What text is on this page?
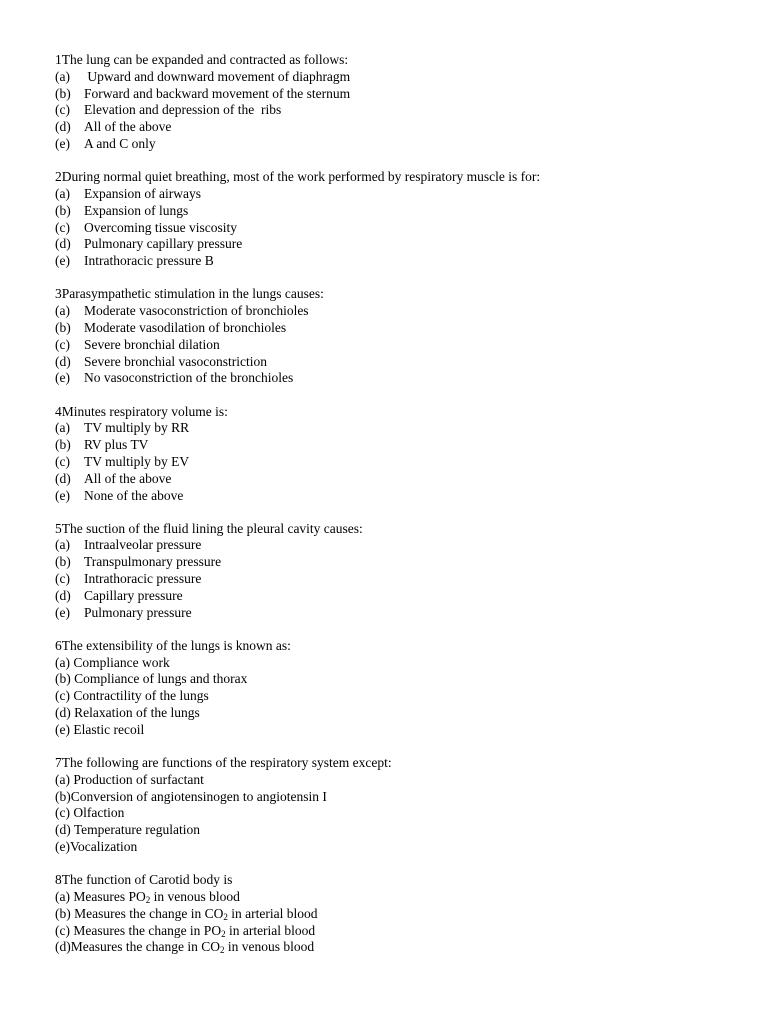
1The lung can be expanded and contracted as follows:
(a) Upward and downward movement of diaphragm
(b) Forward and backward movement of the sternum
(c) Elevation and depression of the  ribs
(d) All of the above
(e) A and C only
2During normal quiet breathing, most of the work performed by respiratory muscle is for:
(a) Expansion of airways
(b) Expansion of lungs
(c) Overcoming tissue viscosity
(d) Pulmonary capillary pressure
(e) Intrathoracic pressure B
3Parasympathetic stimulation in the lungs causes:
(a) Moderate vasoconstriction of bronchioles
(b) Moderate vasodilation of bronchioles
(c) Severe bronchial dilation
(d) Severe bronchial vasoconstriction
(e) No vasoconstriction of the bronchioles
4Minutes respiratory volume is:
(a) TV multiply by RR
(b) RV plus TV
(c) TV multiply by EV
(d) All of the above
(e) None of the above
5The suction of the fluid lining the pleural cavity causes:
(a) Intraalveolar pressure
(b) Transpulmonary pressure
(c) Intrathoracic pressure
(d) Capillary pressure
(e) Pulmonary pressure
6The extensibility of the lungs is known as:
(a) Compliance work
(b) Compliance of lungs and thorax
(c) Contractility of the lungs
(d) Relaxation of the lungs
(e) Elastic recoil
7The following are functions of the respiratory system except:
(a) Production of surfactant
(b)Conversion of angiotensinogen to angiotensin I
(c) Olfaction
(d) Temperature regulation
(e)Vocalization
8The function of Carotid body is
(a) Measures $PO_2$ in venous blood
(b) Measures the change in $CO_2$ in arterial blood
(c) Measures the change in $PO_2$ in arterial blood
(d)Measures the change in $CO_2$ in venous blood
